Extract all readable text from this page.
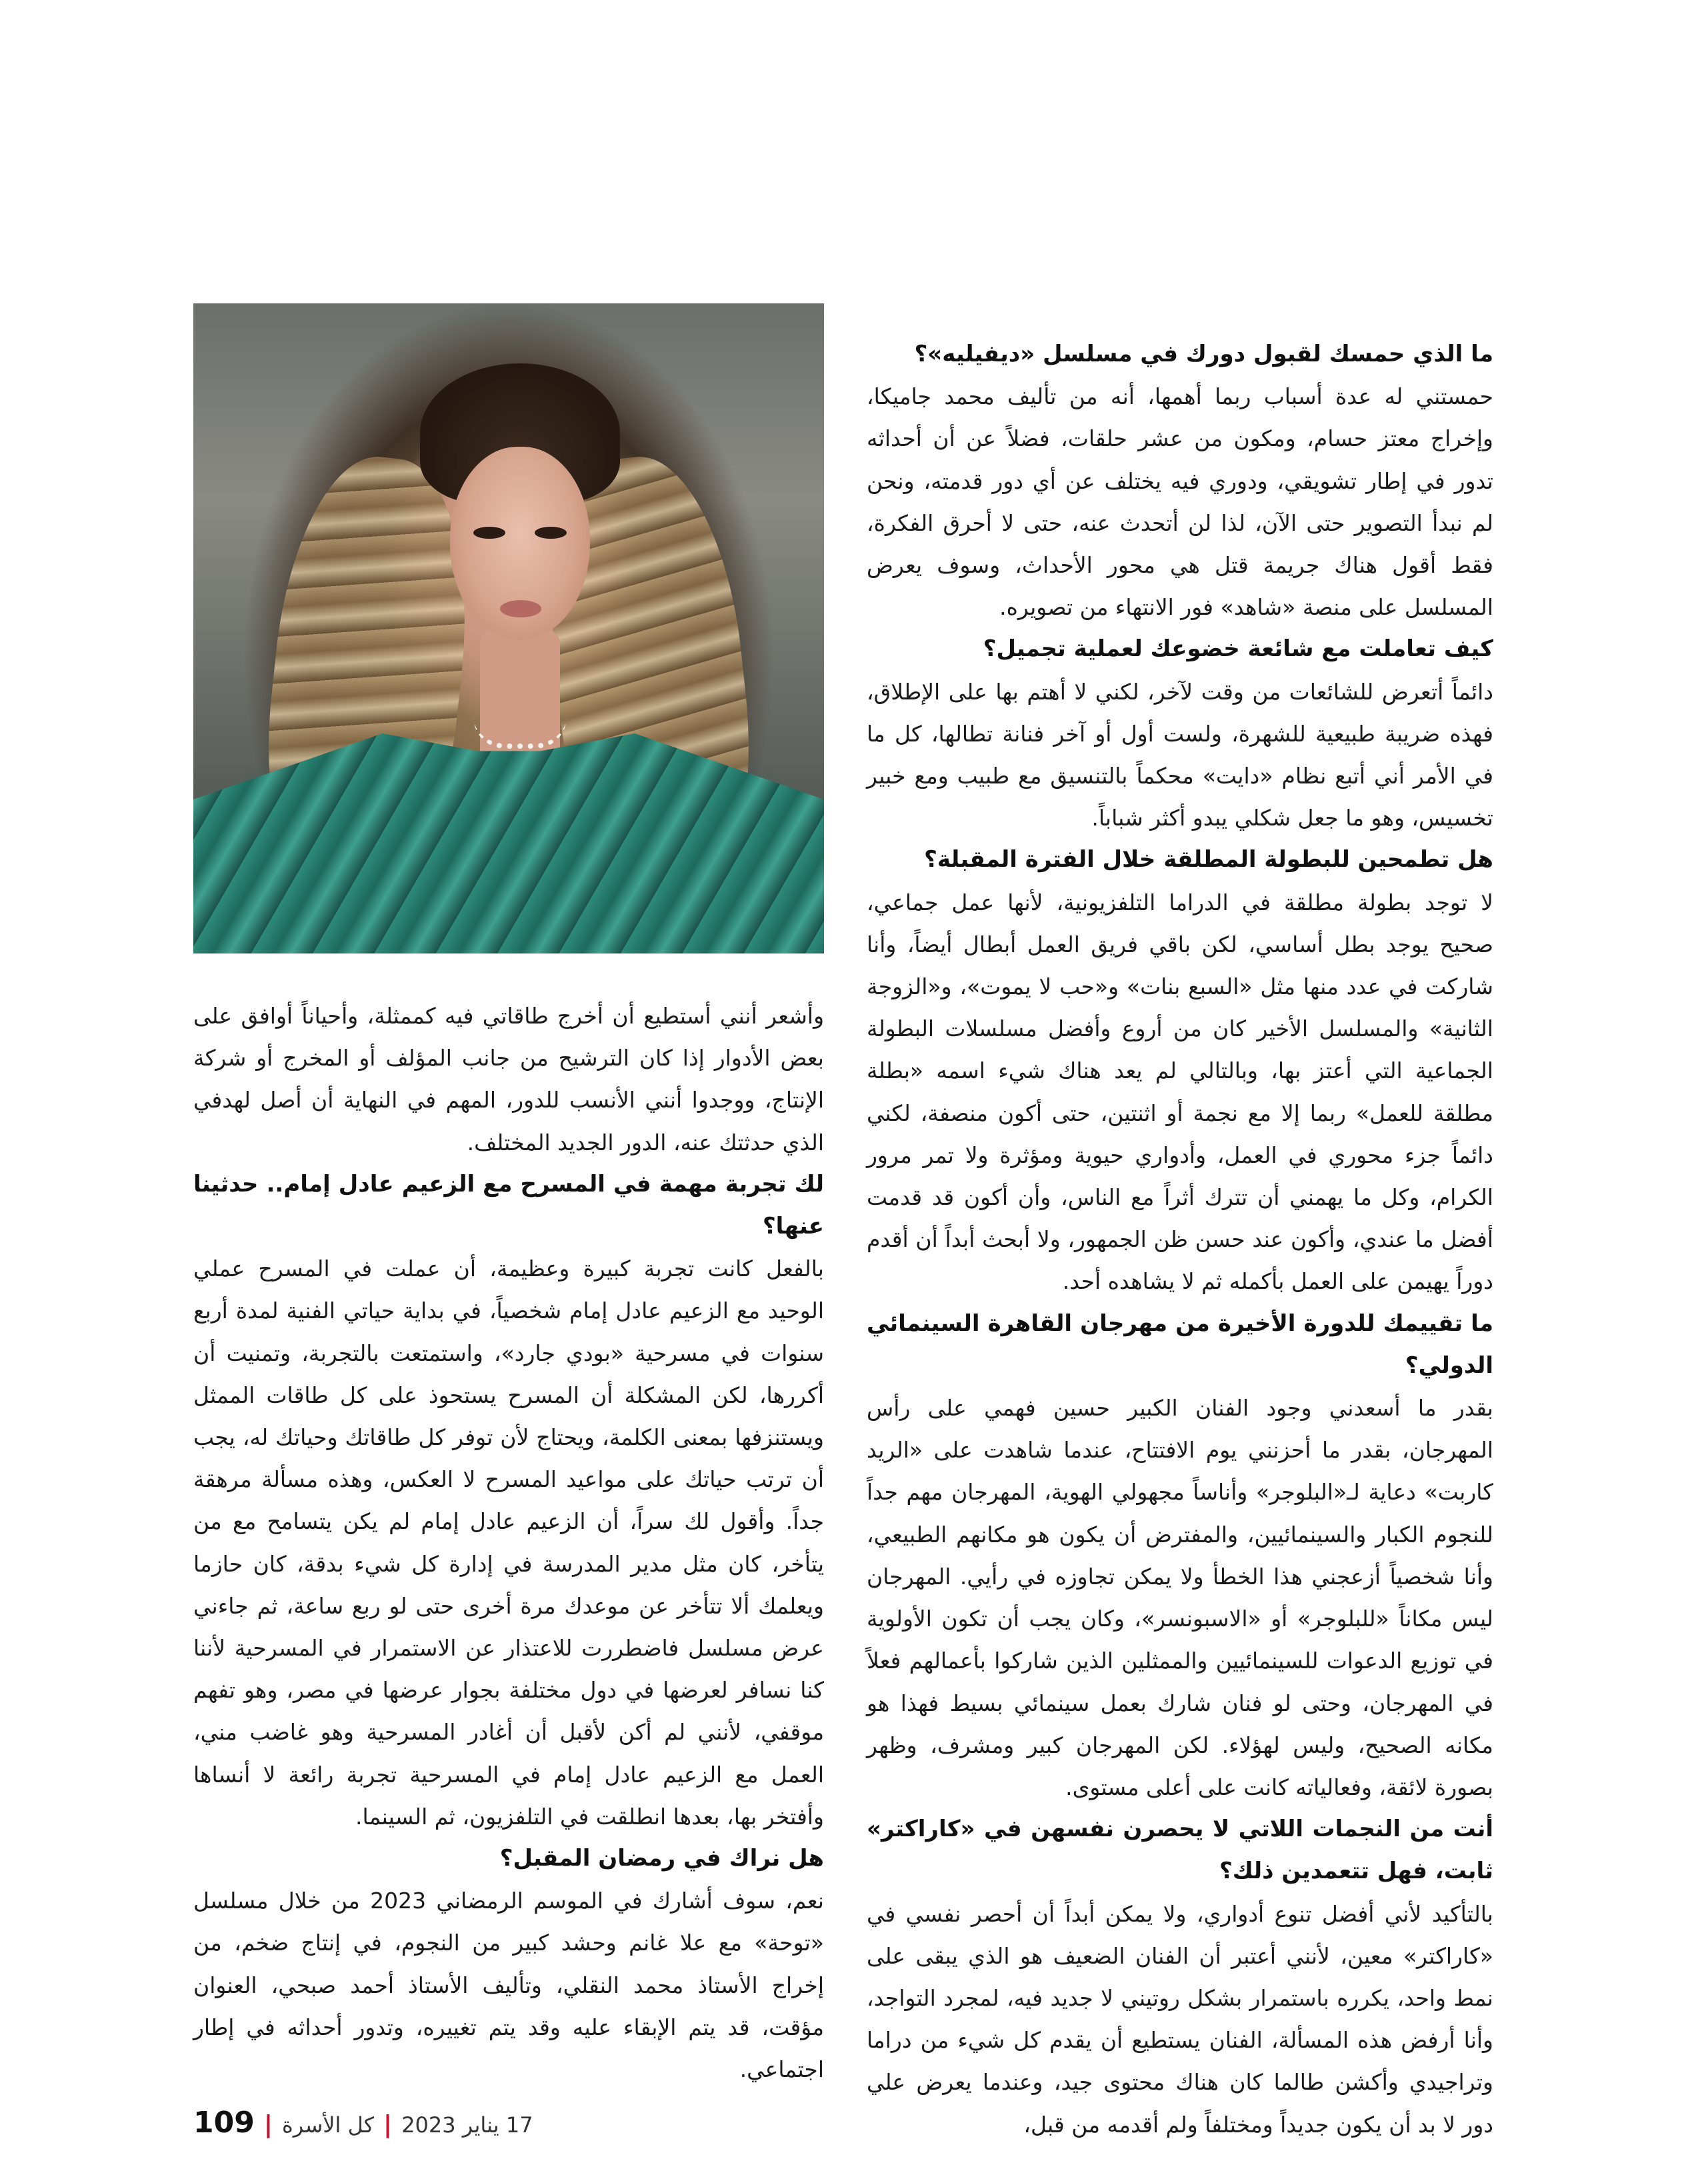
ما الذي حمسك لقبول دورك في مسلسل «ديفيليه»؟

حمستني له عدة أسباب ربما أهمها، أنه من تأليف محمد جاميكا، وإخراج معتز حسام، ومكون من عشر حلقات، فضلاً عن أن أحداثه تدور في إطار تشويقي، ودوري فيه يختلف عن أي دور قدمته، ونحن لم نبدأ التصوير حتى الآن، لذا لن أتحدث عنه، حتى لا أحرق الفكرة، فقط أقول هناك جريمة قتل هي محور الأحداث، وسوف يعرض المسلسل على منصة «شاهد» فور الانتهاء من تصويره.

كيف تعاملت مع شائعة خضوعك لعملية تجميل؟

دائماً أتعرض للشائعات من وقت لآخر، لكني لا أهتم بها على الإطلاق، فهذه ضريبة طبيعية للشهرة، ولست أول أو آخر فنانة تطالها، كل ما في الأمر أني أتبع نظام «دايت» محكماً بالتنسيق مع طبيب ومع خبير تخسيس، وهو ما جعل شكلي يبدو أكثر شباباً.

هل تطمحين للبطولة المطلقة خلال الفترة المقبلة؟

لا توجد بطولة مطلقة في الدراما التلفزيونية، لأنها عمل جماعي، صحيح يوجد بطل أساسي، لكن باقي فريق العمل أبطال أيضاً، وأنا شاركت في عدد منها مثل «السبع بنات» و«حب لا يموت»، و«الزوجة الثانية» والمسلسل الأخير كان من أروع وأفضل مسلسلات البطولة الجماعية التي أعتز بها، وبالتالي لم يعد هناك شيء اسمه «بطلة مطلقة للعمل» ربما إلا مع نجمة أو اثنتين، حتى أكون منصفة، لكني دائماً جزء محوري في العمل، وأدواري حيوية ومؤثرة ولا تمر مرور الكرام، وكل ما يهمني أن تترك أثراً مع الناس، وأن أكون قد قدمت أفضل ما عندي، وأكون عند حسن ظن الجمهور، ولا أبحث أبداً أن أقدم دوراً يهيمن على العمل بأكمله ثم لا يشاهده أحد.

ما تقييمك للدورة الأخيرة من مهرجان القاهرة السينمائي الدولي؟

بقدر ما أسعدني وجود الفنان الكبير حسين فهمي على رأس المهرجان، بقدر ما أحزنني يوم الافتتاح، عندما شاهدت على «الريد كاربت» دعاية لـ«البلوجر» وأناساً مجهولي الهوية، المهرجان مهم جداً للنجوم الكبار والسينمائيين، والمفترض أن يكون هو مكانهم الطبيعي، وأنا شخصياً أزعجني هذا الخطأ ولا يمكن تجاوزه في رأيي. المهرجان ليس مكاناً «للبلوجر» أو «الاسبونسر»، وكان يجب أن تكون الأولوية في توزيع الدعوات للسينمائيين والممثلين الذين شاركوا بأعمالهم فعلاً في المهرجان، وحتى لو فنان شارك بعمل سينمائي بسيط فهذا هو مكانه الصحيح، وليس لهؤلاء. لكن المهرجان كبير ومشرف، وظهر بصورة لائقة، وفعالياته كانت على أعلى مستوى.

أنت من النجمات اللاتي لا يحصرن نفسهن في «كاراكتر» ثابت، فهل تتعمدين ذلك؟

بالتأكيد لأني أفضل تنوع أدواري، ولا يمكن أبداً أن أحصر نفسي في «كاراكتر» معين، لأنني أعتبر أن الفنان الضعيف هو الذي يبقى على نمط واحد، يكرره باستمرار بشكل روتيني لا جديد فيه، لمجرد التواجد، وأنا أرفض هذه المسألة، الفنان يستطيع أن يقدم كل شيء من دراما وتراجيدي وأكشن طالما كان هناك محتوى جيد، وعندما يعرض علي دور لا بد أن يكون جديداً ومختلفاً ولم أقدمه من قبل،

وأشعر أنني أستطيع أن أخرج طاقاتي فيه كممثلة، وأحياناً أوافق على بعض الأدوار إذا كان الترشيح من جانب المؤلف أو المخرج أو شركة الإنتاج، ووجدوا أنني الأنسب للدور، المهم في النهاية أن أصل لهدفي الذي حدثتك عنه، الدور الجديد المختلف.

لك تجربة مهمة في المسرح مع الزعيم عادل إمام.. حدثينا عنها؟

بالفعل كانت تجربة كبيرة وعظيمة، أن عملت في المسرح عملي الوحيد مع الزعيم عادل إمام شخصياً، في بداية حياتي الفنية لمدة أربع سنوات في مسرحية «بودي جارد»، واستمتعت بالتجربة، وتمنيت أن أكررها، لكن المشكلة أن المسرح يستحوذ على كل طاقات الممثل ويستنزفها بمعنى الكلمة، ويحتاج لأن توفر كل طاقاتك وحياتك له، يجب أن ترتب حياتك على مواعيد المسرح لا العكس، وهذه مسألة مرهقة جداً. وأقول لك سراً، أن الزعيم عادل إمام لم يكن يتسامح مع من يتأخر، كان مثل مدير المدرسة في إدارة كل شيء بدقة، كان حازما ويعلمك ألا تتأخر عن موعدك مرة أخرى حتى لو ربع ساعة، ثم جاءني عرض مسلسل فاضطررت للاعتذار عن الاستمرار في المسرحية لأننا كنا نسافر لعرضها في دول مختلفة بجوار عرضها في مصر، وهو تفهم موقفي، لأنني لم أكن لأقبل أن أغادر المسرحية وهو غاضب مني، العمل مع الزعيم عادل إمام في المسرحية تجربة رائعة لا أنساها وأفتخر بها، بعدها انطلقت في التلفزيون، ثم السينما.

هل نراك في رمضان المقبل؟

نعم، سوف أشارك في الموسم الرمضاني 2023 من خلال مسلسل «توحة» مع علا غانم وحشد كبير من النجوم، في إنتاج ضخم، من إخراج الأستاذ محمد النقلي، وتأليف الأستاذ أحمد صبحي، العنوان مؤقت، قد يتم الإبقاء عليه وقد يتم تغييره، وتدور أحداثه في إطار اجتماعي.

109 | كل الأسرة | 17 يناير 2023
